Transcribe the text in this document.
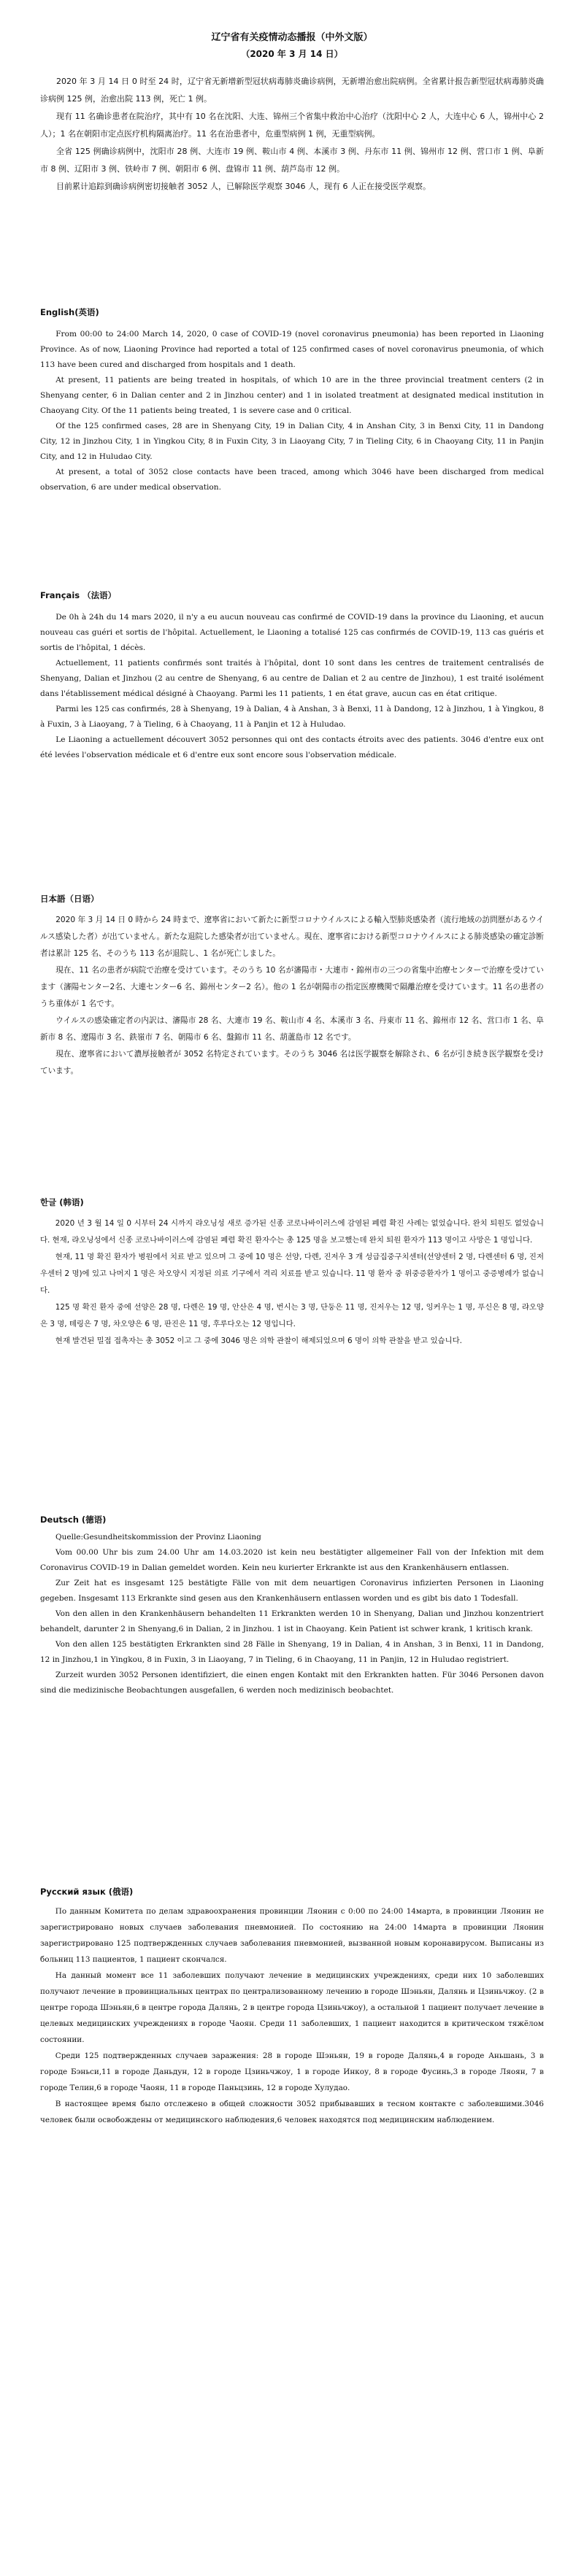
辽宁省有关疫情动态播报（中外文版）
（2020 年 3 月 14 日）

2020 年 3 月 14 日 0 时至 24 时，辽宁省无新增新型冠状病毒肺炎确诊病例，无新增治愈出院病例。全省累计报告新型冠状病毒肺炎确诊病例 125 例，治愈出院 113 例，死亡 1 例。

现有 11 名确诊患者在院治疗，其中有 10 名在沈阳、大连、锦州三个省集中救治中心治疗（沈阳中心 2 人，大连中心 6 人，锦州中心 2 人）；1 名在朝阳市定点医疗机构隔离治疗。11 名在治患者中，危重型病例 1 例，无重型病例。

全省 125 例确诊病例中，沈阳市 28 例、大连市 19 例、鞍山市 4 例、本溪市 3 例、丹东市 11 例、锦州市 12 例、营口市 1 例、阜新市 8 例、辽阳市 3 例、铁岭市 7 例、朝阳市 6 例、盘锦市 11 例、葫芦岛市 12 例。

目前累计追踪到确诊病例密切接触者 3052 人，已解除医学观察 3046 人，现有 6 人正在接受医学观察。

English(英语)

From 00:00 to 24:00 March 14, 2020, 0 case of COVID-19 (novel coronavirus pneumonia) has been reported in Liaoning Province. As of now, Liaoning Province had reported a total of 125 confirmed cases of novel coronavirus pneumonia, of which 113 have been cured and discharged from hospitals and 1 death.

At present, 11 patients are being treated in hospitals, of which 10 are in the three provincial treatment centers (2 in Shenyang center, 6 in Dalian center and 2 in Jinzhou center) and 1 in isolated treatment at designated medical institution in Chaoyang City. Of the 11 patients being treated, 1 is severe case and 0 critical.

Of the 125 confirmed cases, 28 are in Shenyang City, 19 in Dalian City, 4 in Anshan City, 3 in Benxi City, 11 in Dandong City, 12 in Jinzhou City, 1 in Yingkou City, 8 in Fuxin City, 3 in Liaoyang City, 7 in Tieling City, 6 in Chaoyang City, 11 in Panjin City, and 12 in Huludao City.

At present, a total of 3052 close contacts have been traced, among which 3046 have been discharged from medical observation, 6 are under medical observation.

Français （法语）

De 0h à 24h du 14 mars 2020, il n'y a eu aucun nouveau cas confirmé de COVID-19 dans la province du Liaoning, et aucun nouveau cas guéri et sortis de l'hôpital. Actuellement, le Liaoning a totalisé 125 cas confirmés de COVID-19, 113 cas guéris et sortis de l'hôpital, 1 décès.

Actuellement, 11 patients confirmés sont traités à l'hôpital, dont 10 sont dans les centres de traitement centralisés de Shenyang, Dalian et Jinzhou (2 au centre de Shenyang, 6 au centre de Dalian et 2 au centre de Jinzhou), 1 est traité isolément dans l'établissement médical désigné à Chaoyang. Parmi les 11 patients, 1 en état grave, aucun cas en état critique.

Parmi les 125 cas confirmés, 28 à Shenyang, 19 à Dalian, 4 à Anshan, 3 à Benxi, 11 à Dandong, 12 à Jinzhou, 1 à Yingkou, 8 à Fuxin, 3 à Liaoyang, 7 à Tieling, 6 à Chaoyang, 11 à Panjin et 12 à Huludao.

Le Liaoning a actuellement découvert 3052 personnes qui ont des contacts étroits avec des patients. 3046 d'entre eux ont été levées l'observation médicale et 6 d'entre eux sont encore sous l'observation médicale.

日本語（日语）

2020 年 3 月 14 日 0 時から 24 時まで、遼寧省において新たに新型コロナウイルスによる輸入型肺炎感染者（流行地域の訪問歴があるウイルス感染した者）が出ていません。新たな退院した感染者が出ていません。現在、遼寧省における新型コロナウイルスによる肺炎感染の確定診断者は累計 125 名、そのうち 113 名が退院し、1 名が死亡しました。

現在、11 名の患者が病院で治療を受けています。そのうち 10 名が瀋陽市・大連市・錦州市の三つの省集中治療センターで治療を受けています（瀋陽センター2名、大連センター6 名、錦州センター2 名）。他の 1 名が朝陽市の指定医療機関で隔離治療を受けています。11 名の患者のうち重体が 1 名です。

ウイルスの感染確定者の内訳は、瀋陽市 28 名、大連市 19 名、鞍山市 4 名、本溪市 3 名、丹東市 11 名、錦州市 12 名、営口市 1 名、阜新市 8 名、遼陽市 3 名、鉄嶺市 7 名、朝陽市 6 名、盤錦市 11 名、葫蘆島市 12 名です。

現在、遼寧省において濃厚接触者が 3052 名特定されています。そのうち 3046 名は医学観察を解除され、6 名が引き続き医学観察を受けています。

한글 (韩语)

2020 년 3 월 14 일 0 시부터 24 시까지 랴오닝성 새로 증가된 신종 코로나바이러스에 감염된 폐렴 확진 사례는 없었습니다. 완치 퇴원도 없었습니다. 현재, 랴오닝성에서 신종 코로나바이러스에 감염된 폐렴 확진 환자수는 총 125 명을 보고했는데 완치 퇴원 환자가 113 명이고 사망은 1 명입니다.

현재, 11 명 확진 환자가 병원에서 치료 받고 있으며 그 중에 10 명은 선양, 다롄, 진저우 3 개 성급집중구치센터(선양센터 2 명, 다롄센터 6 명, 진저우센터 2 명)에 있고 나머지 1 명은 차오양시 지정된 의료 기구에서 격리 치료를 받고 있습니다. 11 명 환자 중 위중증환자가 1 명이고 중증병례가 없습니다.

125 명 확진 환자 중에 선양은 28 명, 다롄은 19 명, 안산은 4 명, 번시는 3 명, 단둥은 11 명, 진저우는 12 명, 잉커우는 1 명, 푸신은 8 명, 랴오양은 3 명, 톄링은 7 명, 차오양은 6 명, 판진은 11 명, 후루다오는 12 명입니다.

현재 발견된 밀접 접촉자는 총 3052 이고 그 중에 3046 명은 의학 관찰이 해제되었으며 6 명이 의학 관찰을 받고 있습니다.

Deutsch (德语)

Quelle:Gesundheitskommission der Provinz Liaoning

Vom 00.00 Uhr bis zum 24.00 Uhr am 14.03.2020 ist kein neu bestätigter allgemeiner Fall von der Infektion mit dem Coronavirus COVID-19 in Dalian gemeldet worden. Kein neu kurierter Erkrankte ist aus den Krankenhäusern entlassen.

Zur Zeit hat es insgesamt 125 bestätigte Fälle von mit dem neuartigen Coronavirus infizierten Personen in Liaoning gegeben. Insgesamt 113 Erkrankte sind gesen aus den Krankenhäusern entlassen worden und es gibt bis dato 1 Todesfall.

Von den allen in den Krankenhäusern behandelten 11 Erkrankten werden 10 in Shenyang, Dalian und Jinzhou konzentriert behandelt, darunter 2 in Shenyang,6 in Dalian, 2 in Jinzhou. 1 ist in Chaoyang. Kein Patient ist schwer krank, 1 kritisch krank.

Von den allen 125 bestätigten Erkrankten sind 28 Fälle in Shenyang, 19 in Dalian, 4 in Anshan, 3 in Benxi, 11 in Dandong, 12 in Jinzhou,1 in Yingkou, 8 in Fuxin, 3 in Liaoyang, 7 in Tieling, 6 in Chaoyang, 11 in Panjin, 12 in Huludao registriert.

Zurzeit wurden 3052 Personen identifiziert, die einen engen Kontakt mit den Erkrankten hatten. Für 3046 Personen davon sind die medizinische Beobachtungen ausgefallen, 6 werden noch medizinisch beobachtet.

Русский язык (俄语)

По данным Комитета по делам здравоохранения провинции Ляонин с 0:00 по 24:00 14марта, в провинции Ляонин не зарегистрировано новых случаев заболевания пневмонией. По состоянию на 24:00 14марта в провинции Ляонин зарегистрировано 125 подтвержденных случаев заболевания пневмонией, вызванной новым коронавирусом. Выписаны из больниц 113 пациентов, 1 пациент скончался.

На данный момент все 11 заболевших получают лечение в медицинских учреждениях, среди них 10 заболевших получают лечение в провинциальных центрах по централизованному лечению в городе Шэньян, Далянь и Цзиньчжоу. (2 в центре города Шэньян,6 в центре города Далянь, 2 в центре города Цзиньчжоу), а остальной 1 пациент получает лечение в целевых медицинских учреждениях в городе Чаоян. Среди 11 заболевших, 1 пациент находится в критическом тяжёлом состоянии.

Среди 125 подтвержденных случаев заражения: 28 в городе Шэньян, 19 в городе Далянь,4 в городе Аньшань, 3 в городе Бэньси,11 в городе Даньдун, 12 в городе Цзиньчжоу, 1 в городе Инкоу, 8 в городе Фусинь,3 в городе Ляоян, 7 в городе Телин,6 в городе Чаоян, 11 в городе Паньцзинь, 12 в городе Хулудао.

В настоящее время было отслежено в общей сложности 3052 прибывавших в тесном контакте с заболевшими.3046 человек были освобождены от медицинского наблюдения,6 человек находятся под медицинским наблюдением.
